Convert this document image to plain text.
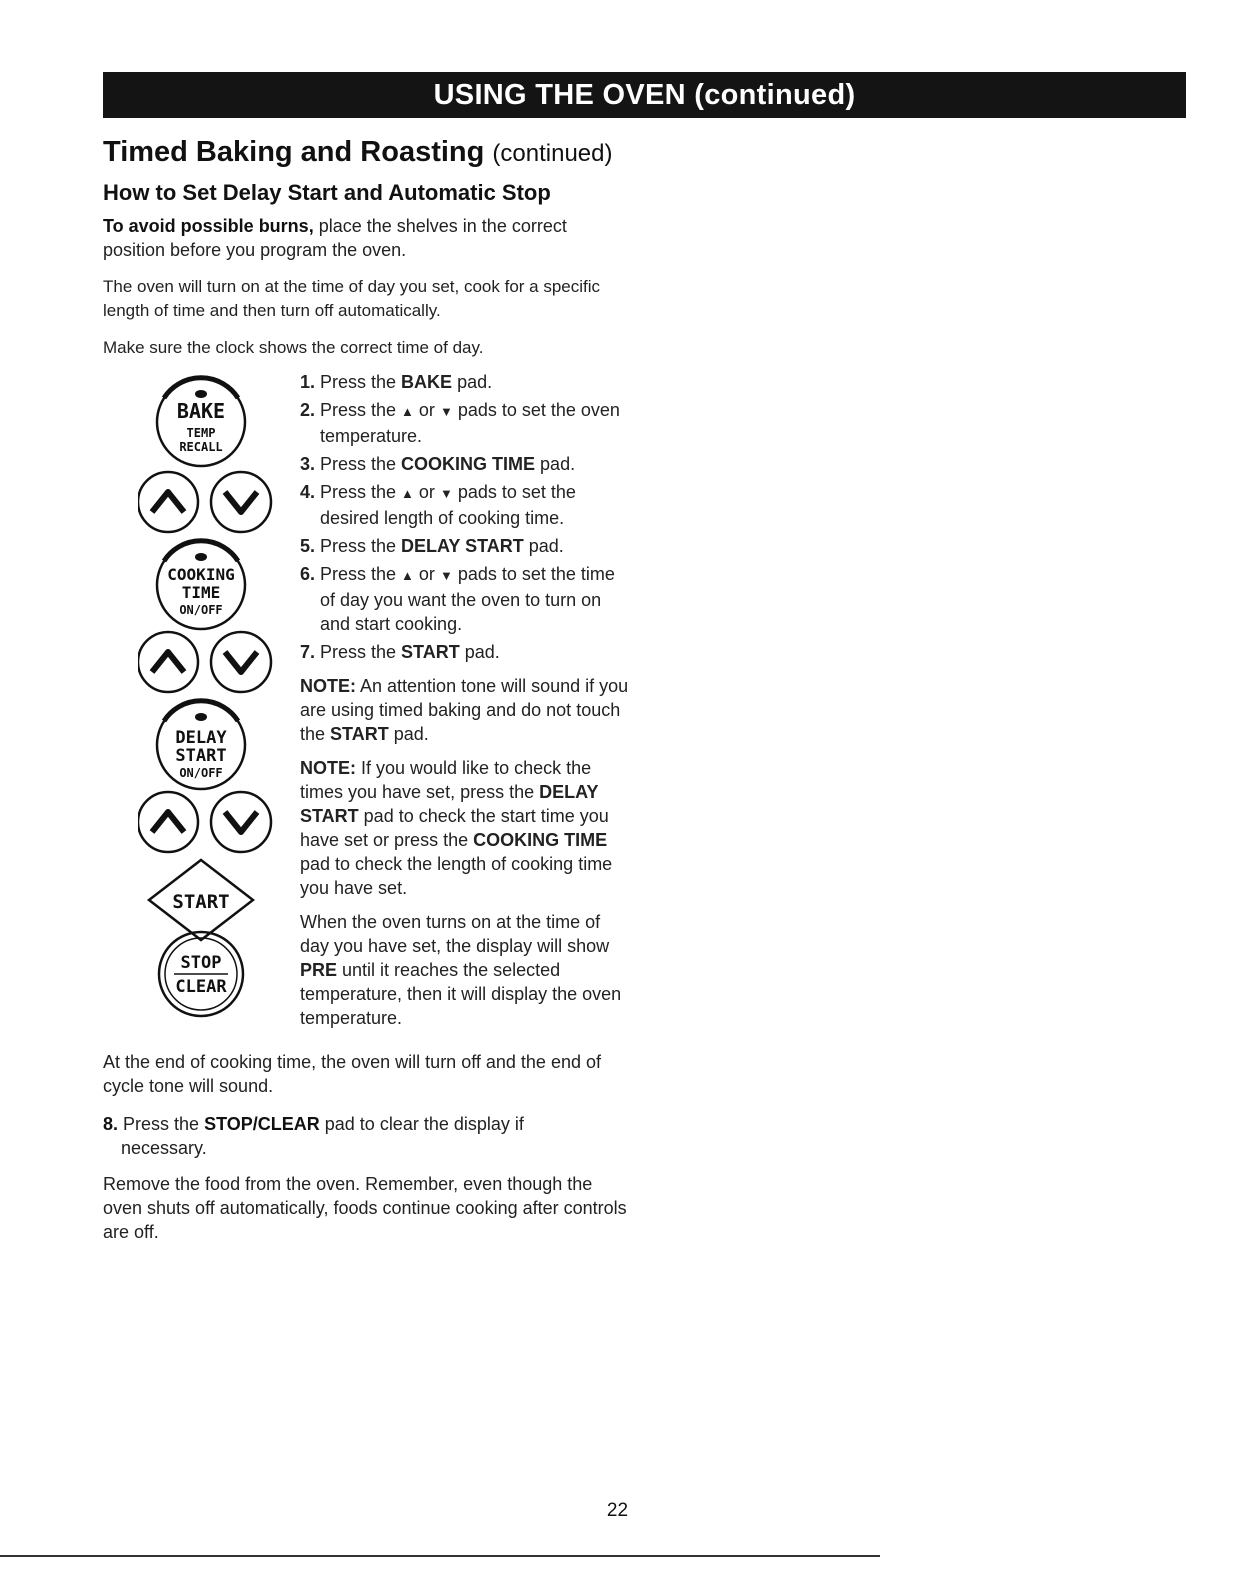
USING THE OVEN (continued)
Timed Baking and Roasting (continued)
How to Set Delay Start and Automatic Stop

To avoid possible burns, place the shelves in the correct position before you program the oven.

The oven will turn on at the time of day you set, cook for a specific length of time and then turn off automatically.

Make sure the clock shows the correct time of day.

BAKE
TEMP
RECALL
COOKING
TIME
ON/OFF
DELAY
START
ON/OFF
START
STOP
CLEAR

1. Press the BAKE pad.

2. Press the ▲ or ▼ pads to set the oven temperature.

3. Press the COOKING TIME pad.

4. Press the ▲ or ▼ pads to set the desired length of cooking time.

5. Press the DELAY START pad.

6. Press the ▲ or ▼ pads to set the time of day you want the oven to turn on and start cooking.

7. Press the START pad.

NOTE: An attention tone will sound if you are using timed baking and do not touch the START pad.

NOTE: If you would like to check the times you have set, press the DELAY START pad to check the start time you have set or press the COOKING TIME pad to check the length of cooking time you have set.

When the oven turns on at the time of day you have set, the display will show PRE until it reaches the selected temperature, then it will display the oven temperature.

At the end of cooking time, the oven will turn off and the end of cycle tone will sound.

8. Press the STOP/CLEAR pad to clear the display if necessary.

Remove the food from the oven. Remember, even though the oven shuts off automatically, foods continue cooking after controls are off.

22
